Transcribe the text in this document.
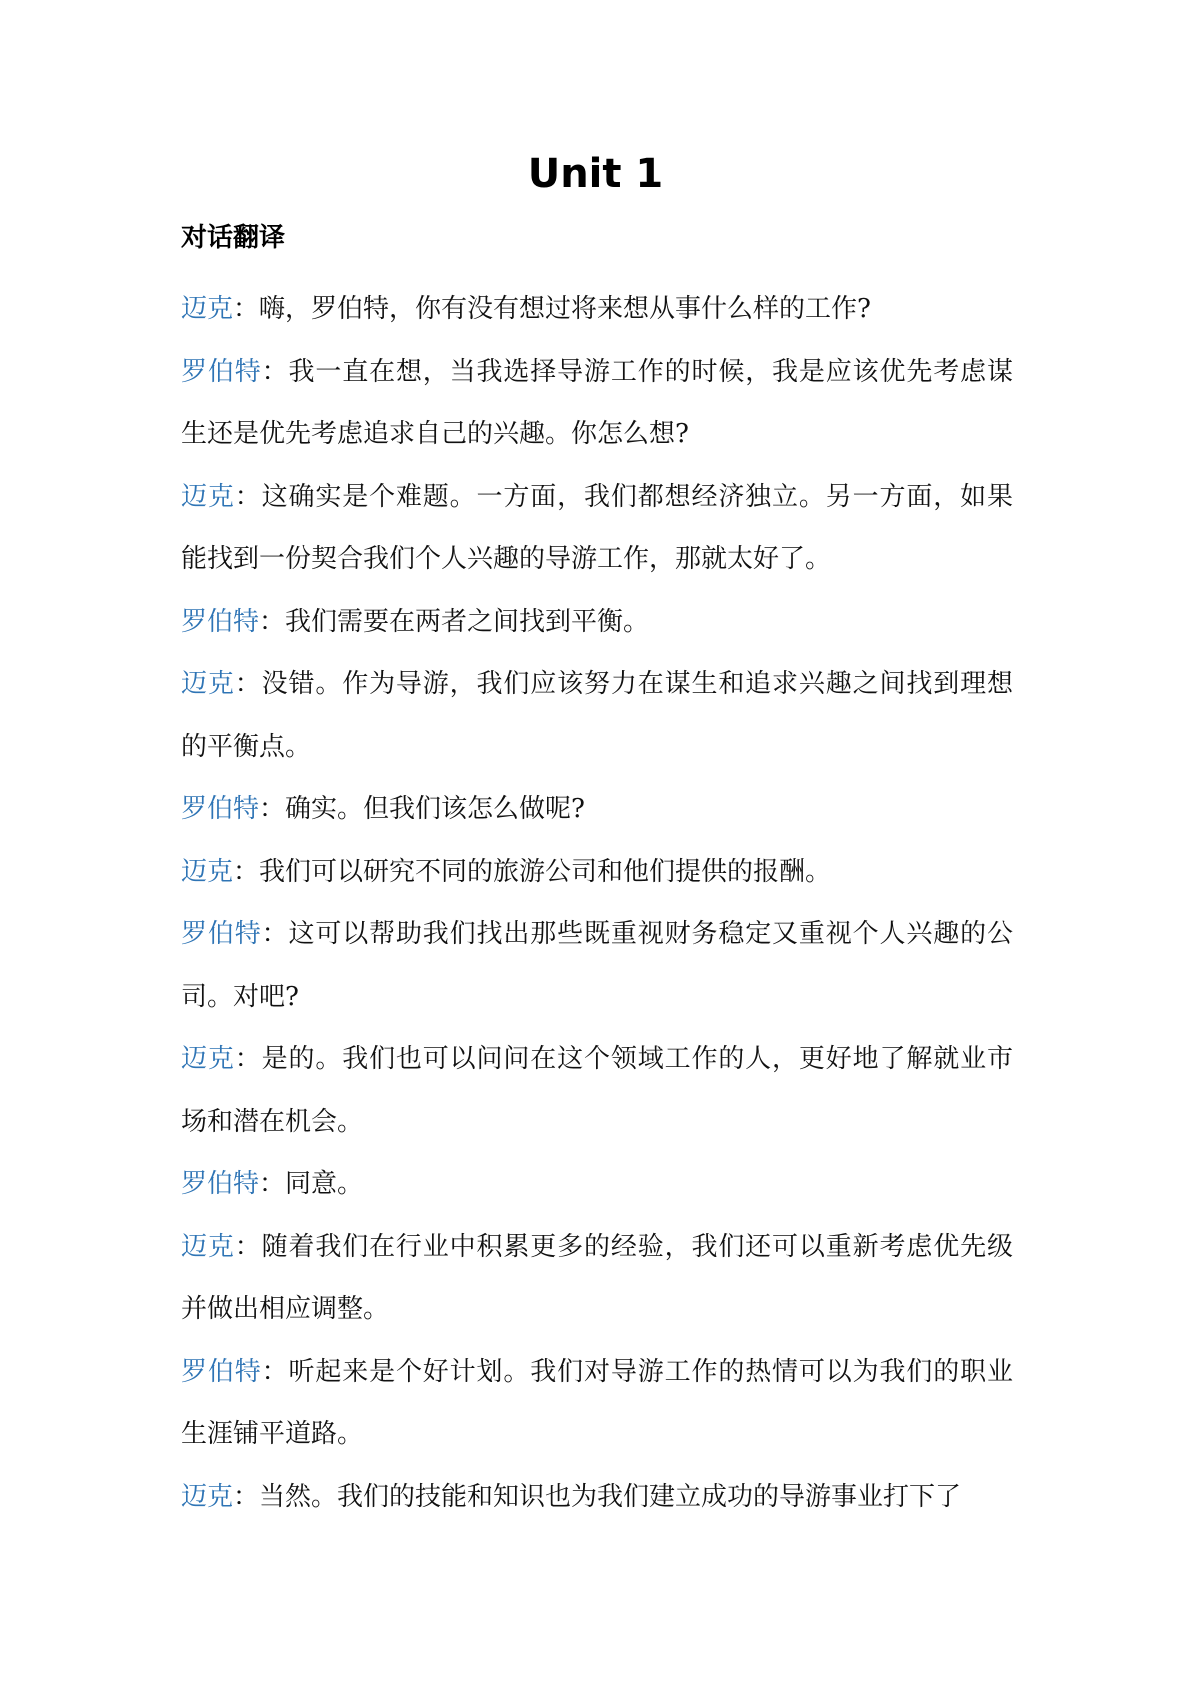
Unit 1
对话翻译
迈克：嗨，罗伯特，你有没有想过将来想从事什么样的工作?
罗伯特：我一直在想，当我选择导游工作的时候，我是应该优先考虑谋生还是优先考虑追求自己的兴趣。你怎么想?
迈克：这确实是个难题。一方面，我们都想经济独立。另一方面，如果能找到一份契合我们个人兴趣的导游工作，那就太好了。
罗伯特：我们需要在两者之间找到平衡。
迈克：没错。作为导游，我们应该努力在谋生和追求兴趣之间找到理想的平衡点。
罗伯特：确实。但我们该怎么做呢?
迈克：我们可以研究不同的旅游公司和他们提供的报酬。
罗伯特：这可以帮助我们找出那些既重视财务稳定又重视个人兴趣的公司。对吧?
迈克：是的。我们也可以问问在这个领域工作的人，更好地了解就业市场和潜在机会。
罗伯特：同意。
迈克：随着我们在行业中积累更多的经验，我们还可以重新考虑优先级并做出相应调整。
罗伯特：听起来是个好计划。我们对导游工作的热情可以为我们的职业生涯铺平道路。
迈克：当然。我们的技能和知识也为我们建立成功的导游事业打下了
